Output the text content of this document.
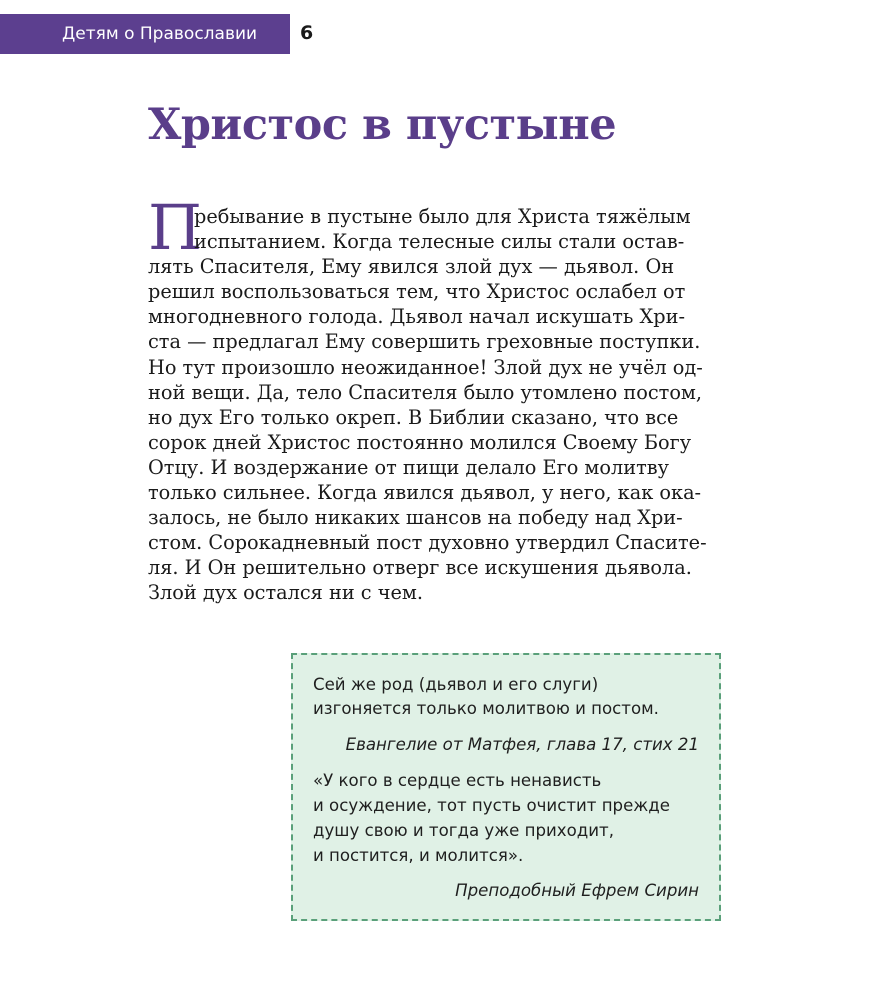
Детям о Православии 6
Христос в пустыне
П
ребывание в пустыне было для Христа тяжёлым
испытанием. Когда телесные силы стали остав-
лять Спасителя, Ему явился злой дух — дьявол. Он
решил воспользоваться тем, что Христос ослабел от
многодневного голода. Дьявол начал искушать Хри-
ста — предлагал Ему совершить греховные поступки.
Но тут произошло неожиданное! Злой дух не учёл од-
ной вещи. Да, тело Спасителя было утомлено постом,
но дух Его только окреп. В Библии сказано, что все
сорок дней Христос постоянно молился Своему Богу
Отцу. И воздержание от пищи делало Его молитву
только сильнее. Когда явился дьявол, у него, как ока-
залось, не было никаких шансов на победу над Хри-
стом. Сорокадневный пост духовно утвердил Спасите-
ля. И Он решительно отверг все искушения дьявола.
Злой дух остался ни с чем.
Сей же род (дьявол и его слуги)
изгоняется только молитвою и постом.
Евангелие от Матфея, глава 17, стих 21
«У кого в сердце есть ненависть
и осуждение, тот пусть очистит прежде
душу свою и тогда уже приходит,
и постится, и молится».
Преподобный Ефрем Сирин
